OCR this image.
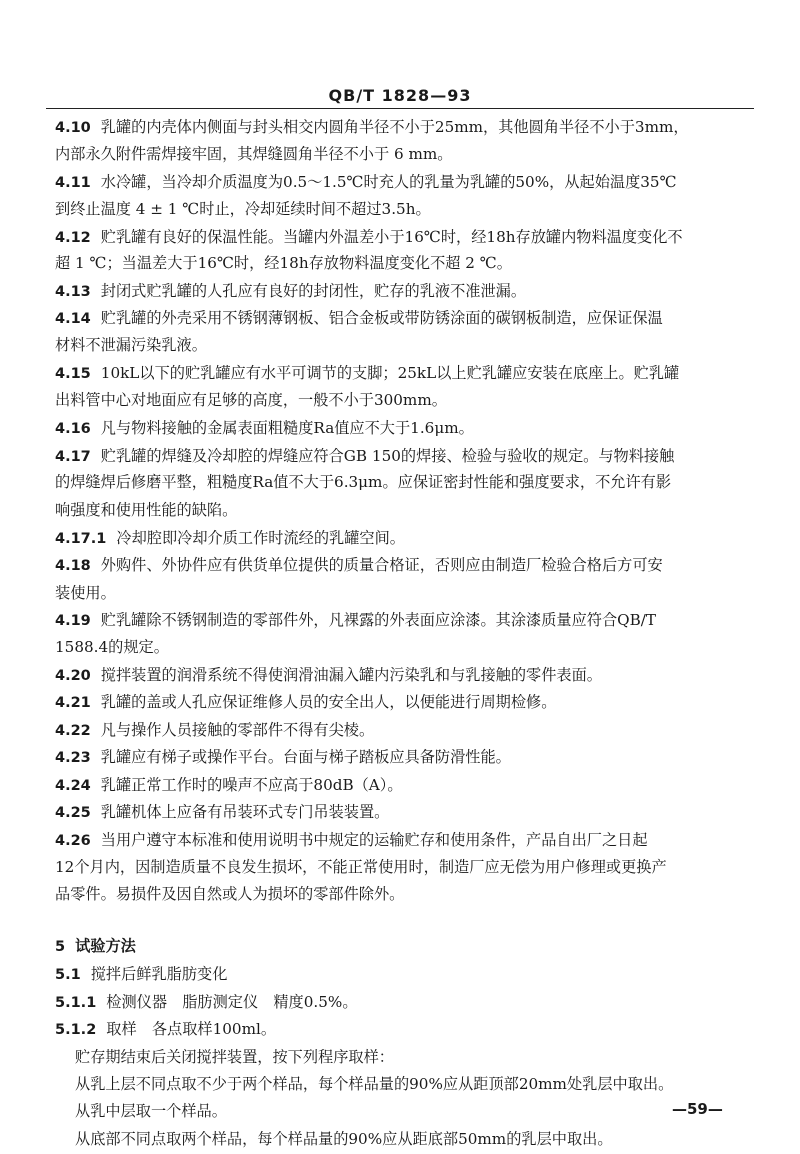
QB/T 1828—93
4.10 乳罐的内壳体内侧面与封头相交内圆角半径不小于25mm，其他圆角半径不小于3mm，
内部永久附件需焊接牢固，其焊缝圆角半径不小于 6 mm。
4.11 水冷罐，当冷却介质温度为0.5～1.5℃时充人的乳量为乳罐的50%，从起始温度35℃
到终止温度 4 ± 1 ℃时止，冷却延续时间不超过3.5h。
4.12 贮乳罐有良好的保温性能。当罐内外温差小于16℃时，经18h存放罐内物料温度变化不
超 1 ℃；当温差大于16℃时，经18h存放物料温度变化不超 2 ℃。
4.13 封闭式贮乳罐的人孔应有良好的封闭性，贮存的乳液不准泄漏。
4.14 贮乳罐的外壳采用不锈钢薄钢板、铝合金板或带防锈涂面的碳钢板制造，应保证保温
材料不泄漏污染乳液。
4.15 10kL以下的贮乳罐应有水平可调节的支脚；25kL以上贮乳罐应安装在底座上。贮乳罐
出料管中心对地面应有足够的高度，一般不小于300mm。
4.16 凡与物料接触的金属表面粗糙度Ra值应不大于1.6μm。
4.17 贮乳罐的焊缝及冷却腔的焊缝应符合GB 150的焊接、检验与验收的规定。与物料接触
的焊缝焊后修磨平整，粗糙度Ra值不大于6.3μm。应保证密封性能和强度要求，不允许有影
响强度和使用性能的缺陷。
4.17.1 冷却腔即冷却介质工作时流经的乳罐空间。
4.18 外购件、外协件应有供货单位提供的质量合格证，否则应由制造厂检验合格后方可安
装使用。
4.19 贮乳罐除不锈钢制造的零部件外，凡裸露的外表面应涂漆。其涂漆质量应符合QB/T
1588.4的规定。
4.20 搅拌装置的润滑系统不得使润滑油漏入罐内污染乳和与乳接触的零件表面。
4.21 乳罐的盖或人孔应保证维修人员的安全出人，以便能进行周期检修。
4.22 凡与操作人员接触的零部件不得有尖棱。
4.23 乳罐应有梯子或操作平台。台面与梯子踏板应具备防滑性能。
4.24 乳罐正常工作时的噪声不应高于80dB（A）。
4.25 乳罐机体上应备有吊装环式专门吊装装置。
4.26 当用户遵守本标准和使用说明书中规定的运输贮存和使用条件，产品自出厂之日起
12个月内，因制造质量不良发生损坏，不能正常使用时，制造厂应无偿为用户修理或更换产
品零件。易损件及因自然或人为损坏的零部件除外。
5 试验方法
5.1 搅拌后鲜乳脂肪变化
5.1.1 检测仪器　脂肪测定仪　精度0.5%。
5.1.2 取样　各点取样100ml。
贮存期结束后关闭搅拌装置，按下列程序取样：
从乳上层不同点取不少于两个样品，每个样品量的90%应从距顶部20mm处乳层中取出。
从乳中层取一个样品。
从底部不同点取两个样品，每个样品量的90%应从距底部50mm的乳层中取出。
—59—
